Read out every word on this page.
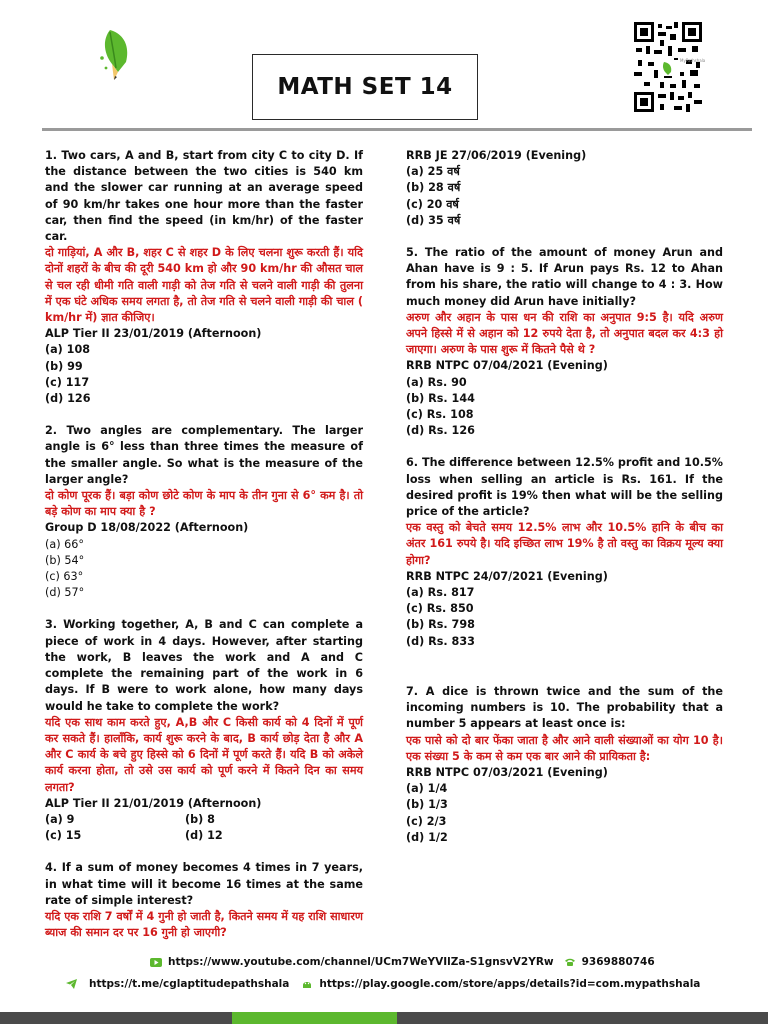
MATH SET 14
MyPathshala
1. Two cars, A and B, start from city C to city D. If the distance between the two cities is 540 km and the slower car running at an average speed of 90 km/hr takes one hour more than the faster car, then find the speed (in km/hr) of the faster car.
दो गाड़ियां, A और B, शहर C से शहर D के लिए चलना शुरू करती हैं। यदि दोनों शहरों के बीच की दूरी 540 km हो और 90 km/hr की औसत चाल से चल रही धीमी गति वाली गाड़ी को तेज गति से चलने वाली गाड़ी की तुलना में एक घंटे अधिक समय लगता है, तो तेज गति से चलने वाली गाड़ी की चाल ( km/hr में) ज्ञात कीजिए।
ALP Tier II 23/01/2019 (Afternoon)
(a) 108
(b) 99
(c) 117
(d) 126
2. Two angles are complementary. The larger angle is 6° less than three times the measure of the smaller angle. So what is the measure of the larger angle?
दो कोण पूरक हैं। बड़ा कोण छोटे कोण के माप के तीन गुना से 6° कम है। तो बड़े कोण का माप क्या है ?
Group D 18/08/2022 (Afternoon)
(a) 66°
(b) 54°
(c) 63°
(d) 57°
3. Working together, A, B and C can complete a piece of work in 4 days. However, after starting the work, B leaves the work and A and C complete the remaining part of the work in 6 days. If B were to work alone, how many days would he take to complete the work?
यदि एक साथ काम करते हुए, A,B और C किसी कार्य को 4 दिनों में पूर्ण कर सकते हैं। हालाँकि, कार्य शुरू करने के बाद, B कार्य छोड़ देता है और A और C कार्य के बचे हुए हिस्से को 6 दिनों में पूर्ण करते हैं। यदि B को अकेले कार्य करना होता, तो उसे उस कार्य को पूर्ण करने में कितने दिन का समय लगता?
ALP Tier II 21/01/2019 (Afternoon)
(a) 9	(b) 8
(c) 15	(d) 12
4. If a sum of money becomes 4 times in 7 years, in what time will it become 16 times at the same rate of simple interest?
यदि एक राशि 7 वर्षों में 4 गुनी हो जाती है, कितने समय में यह राशि साधारण ब्याज की समान दर पर 16 गुनी हो जाएगी?
RRB JE 27/06/2019 (Evening)
(a) 25 वर्ष
(b) 28 वर्ष
(c) 20 वर्ष
(d) 35 वर्ष
5. The ratio of the amount of money Arun and Ahan have is 9 : 5. If Arun pays Rs. 12 to Ahan from his share, the ratio will change to 4 : 3. How much money did Arun have initially?
अरुण और अहान के पास धन की राशि का अनुपात 9:5 है। यदि अरुण अपने हिस्से में से अहान को 12 रुपये देता है, तो अनुपात बदल कर 4:3 हो जाएगा। अरुण के पास शुरू में कितने पैसे थे ?
RRB NTPC 07/04/2021 (Evening)
(a) Rs. 90
(b) Rs. 144
(c) Rs. 108
(d) Rs. 126
6. The difference between 12.5% profit and 10.5% loss when selling an article is Rs. 161. If the desired profit is 19% then what will be the selling price of the article?
एक वस्तु को बेचते समय 12.5% लाभ और 10.5% हानि के बीच का अंतर 161 रुपये है। यदि इच्छित लाभ 19% है तो वस्तु का विक्रय मूल्य क्या होगा?
RRB NTPC 24/07/2021 (Evening)
(a) Rs. 817
(c) Rs. 850
(b) Rs. 798
(d) Rs. 833
7. A dice is thrown twice and the sum of the incoming numbers is 10. The probability that a number 5 appears at least once is:
एक पासे को दो बार फेंका जाता है और आने वाली संख्याओं का योग 10 है। एक संख्या 5 के कम से कम एक बार आने की प्रायिकता है:
RRB NTPC 07/03/2021 (Evening)
(a) 1/4
(b) 1/3
(c) 2/3
(d) 1/2
https://www.youtube.com/channel/UCm7WeYVIlZa-S1gnsvV2YRw	9369880746
https://t.me/cglaptitudepathshala	https://play.google.com/store/apps/details?id=com.mypathshala
